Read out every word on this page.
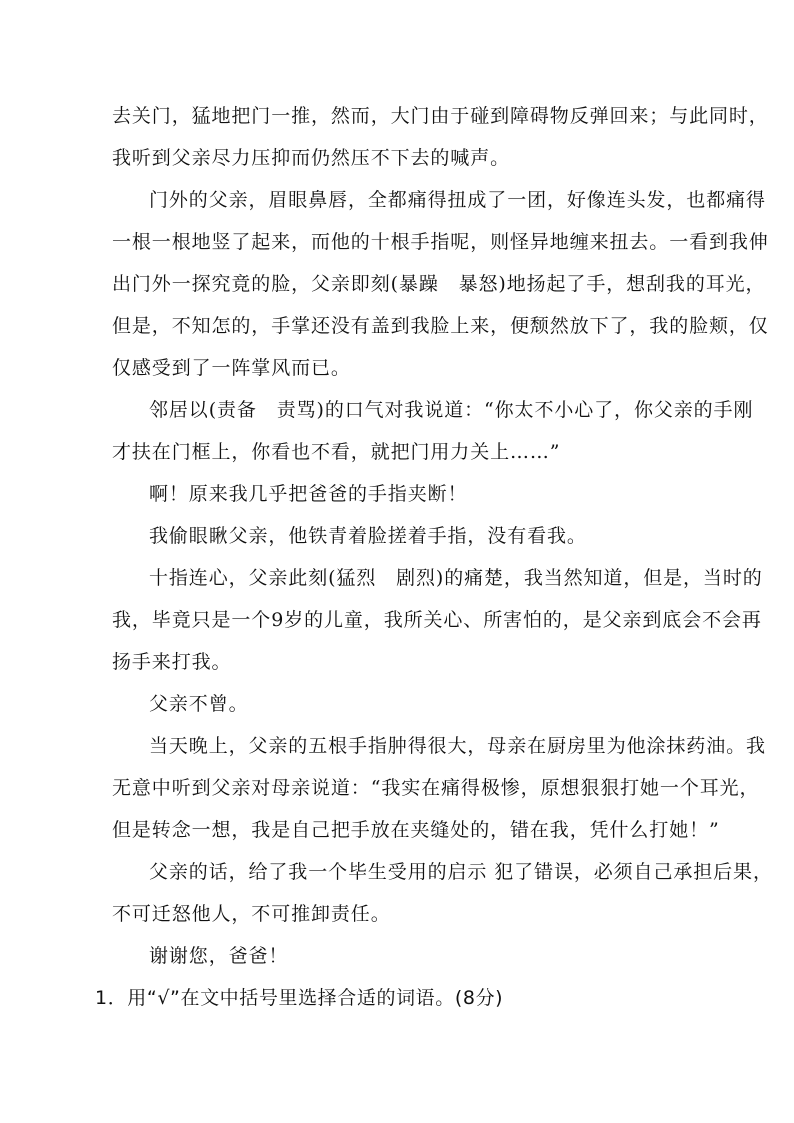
去关门，猛地把门一推，然而，大门由于碰到障碍物反弹回来；与此同时，
我听到父亲尽力压抑而仍然压不下去的喊声。
门外的父亲，眉眼鼻唇，全都痛得扭成了一团，好像连头发，也都痛得
一根一根地竖了起来，而他的十根手指呢，则怪异地缠来扭去。一看到我伸
出门外一探究竟的脸，父亲即刻(暴躁　暴怒)地扬起了手，想刮我的耳光，
但是，不知怎的，手掌还没有盖到我脸上来，便颓然放下了，我的脸颊，仅
仅感受到了一阵掌风而已。
邻居以(责备　责骂)的口气对我说道：“你太不小心了，你父亲的手刚
才扶在门框上，你看也不看，就把门用力关上……”
啊！原来我几乎把爸爸的手指夹断！
我偷眼瞅父亲，他铁青着脸搓着手指，没有看我。
十指连心，父亲此刻(猛烈　剧烈)的痛楚，我当然知道，但是，当时的
我，毕竟只是一个9岁的儿童，我所关心、所害怕的，是父亲到底会不会再
扬手来打我。
父亲不曾。
当天晚上，父亲的五根手指肿得很大，母亲在厨房里为他涂抹药油。我
无意中听到父亲对母亲说道：“我实在痛得极惨，原想狠狠打她一个耳光，
但是转念一想，我是自己把手放在夹缝处的，错在我，凭什么打她！”
父亲的话，给了我一个毕生受用的启示 犯了错误，必须自己承担后果，
不可迁怒他人，不可推卸责任。
谢谢您，爸爸！
1．用“√”在文中括号里选择合适的词语。(8分)
